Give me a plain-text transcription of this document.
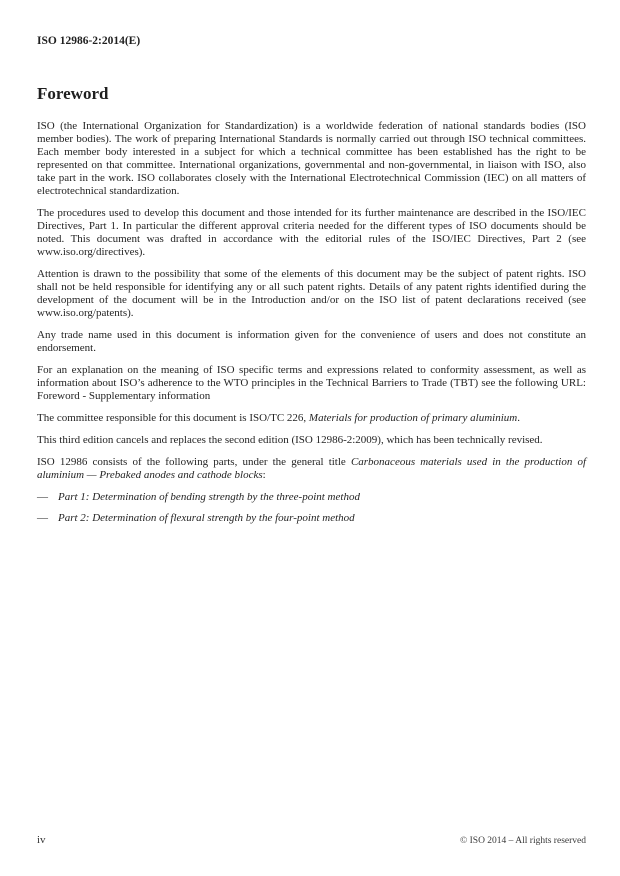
ISO 12986-2:2014(E)
Foreword

ISO (the International Organization for Standardization) is a worldwide federation of national standards bodies (ISO member bodies). The work of preparing International Standards is normally carried out through ISO technical committees. Each member body interested in a subject for which a technical committee has been established has the right to be represented on that committee. International organizations, governmental and non-governmental, in liaison with ISO, also take part in the work. ISO collaborates closely with the International Electrotechnical Commission (IEC) on all matters of electrotechnical standardization.

The procedures used to develop this document and those intended for its further maintenance are described in the ISO/IEC Directives, Part 1. In particular the different approval criteria needed for the different types of ISO documents should be noted. This document was drafted in accordance with the editorial rules of the ISO/IEC Directives, Part 2 (see www.iso.org/directives).

Attention is drawn to the possibility that some of the elements of this document may be the subject of patent rights. ISO shall not be held responsible for identifying any or all such patent rights. Details of any patent rights identified during the development of the document will be in the Introduction and/or on the ISO list of patent declarations received (see www.iso.org/patents).

Any trade name used in this document is information given for the convenience of users and does not constitute an endorsement.

For an explanation on the meaning of ISO specific terms and expressions related to conformity assessment, as well as information about ISO’s adherence to the WTO principles in the Technical Barriers to Trade (TBT) see the following URL: Foreword - Supplementary information

The committee responsible for this document is ISO/TC 226, Materials for production of primary aluminium.

This third edition cancels and replaces the second edition (ISO 12986-2:2009), which has been technically revised.

ISO 12986 consists of the following parts, under the general title Carbonaceous materials used in the production of aluminium — Prebaked anodes and cathode blocks:

— Part 1: Determination of bending strength by the three-point method

— Part 2: Determination of flexural strength by the four-point method

iv	© ISO 2014 – All rights reserved
